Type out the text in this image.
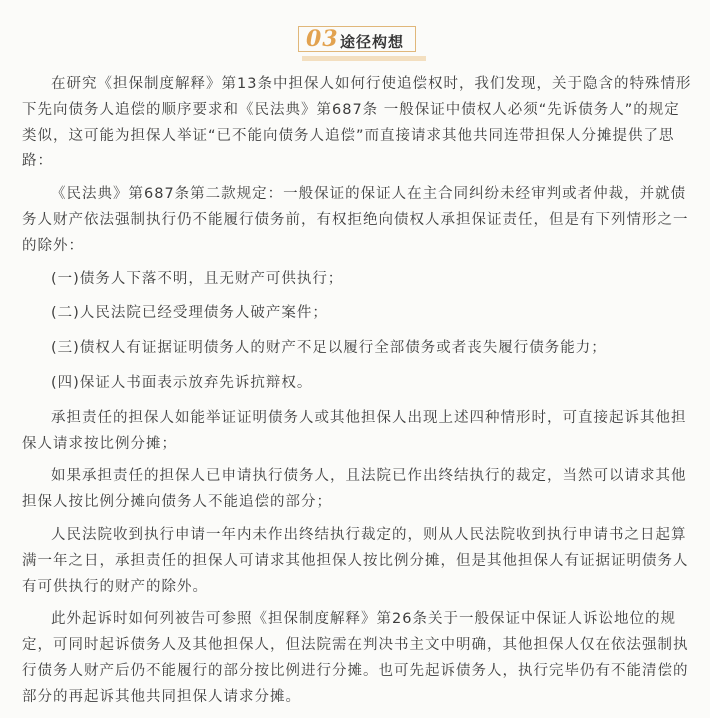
03 途径构想

在研究《担保制度解释》第13条中担保人如何行使追偿权时，我们发现，关于隐含的特殊情形下先向债务人追偿的顺序要求和《民法典》第687条 一般保证中债权人必须“先诉债务人”的规定类似，这可能为担保人举证“已不能向债务人追偿”而直接请求其他共同连带担保人分摊提供了思路：

《民法典》第687条第二款规定：一般保证的保证人在主合同纠纷未经审判或者仲裁，并就债务人财产依法强制执行仍不能履行债务前，有权拒绝向债权人承担保证责任，但是有下列情形之一的除外：

(一)债务人下落不明，且无财产可供执行；

(二)人民法院已经受理债务人破产案件；

(三)债权人有证据证明债务人的财产不足以履行全部债务或者丧失履行债务能力；

(四)保证人书面表示放弃先诉抗辩权。

承担责任的担保人如能举证证明债务人或其他担保人出现上述四种情形时，可直接起诉其他担保人请求按比例分摊；

如果承担责任的担保人已申请执行债务人，且法院已作出终结执行的裁定，当然可以请求其他担保人按比例分摊向债务人不能追偿的部分；

人民法院收到执行申请一年内未作出终结执行裁定的，则从人民法院收到执行申请书之日起算满一年之日，承担责任的担保人可请求其他担保人按比例分摊，但是其他担保人有证据证明债务人有可供执行的财产的除外。

此外起诉时如何列被告可参照《担保制度解释》第26条关于一般保证中保证人诉讼地位的规定，可同时起诉债务人及其他担保人，但法院需在判决书主文中明确，其他担保人仅在依法强制执行债务人财产后仍不能履行的部分按比例进行分摊。也可先起诉债务人，执行完毕仍有不能清偿的部分的再起诉其他共同担保人请求分摊。
